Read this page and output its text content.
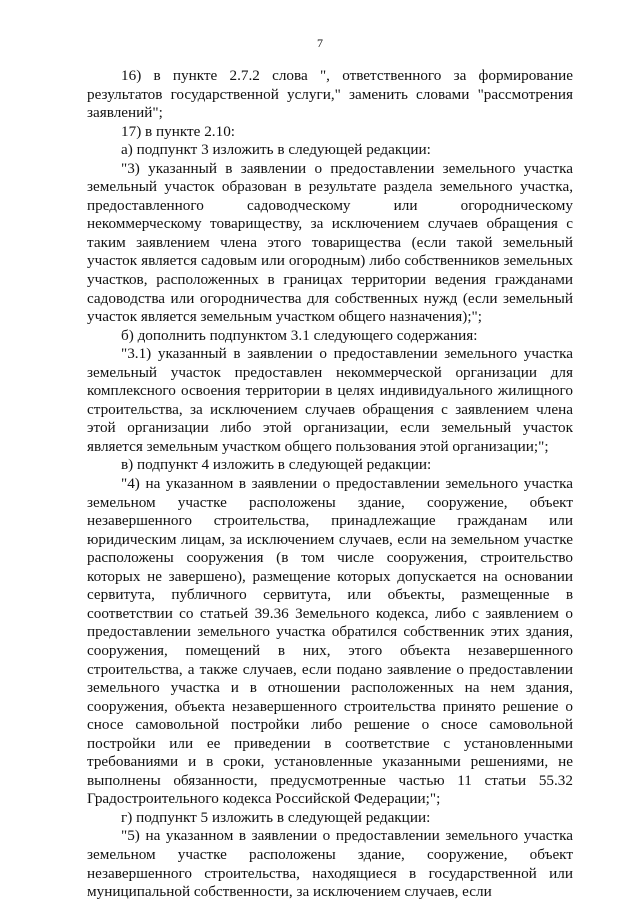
7

16) в пункте 2.7.2 слова ", ответственного за формирование результатов государственной услуги," заменить словами "рассмотрения заявлений";

17) в пункте 2.10:

а) подпункт 3 изложить в следующей редакции:

"3) указанный в заявлении о предоставлении земельного участка земельный участок образован в результате раздела земельного участка, предоставленного садоводческому или огородническому некоммерческому товариществу, за исключением случаев обращения с таким заявлением члена этого товарищества (если такой земельный участок является садовым или огородным) либо собственников земельных участков, расположенных в границах территории ведения гражданами садоводства или огородничества для собственных нужд (если земельный участок является земельным участком общего назначения);";

б) дополнить подпунктом 3.1 следующего содержания:

"3.1) указанный в заявлении о предоставлении земельного участка земельный участок предоставлен некоммерческой организации для комплексного освоения территории в целях индивидуального жилищного строительства, за исключением случаев обращения с заявлением члена этой организации либо этой организации, если земельный участок является земельным участком общего пользования этой организации;";

в) подпункт 4 изложить в следующей редакции:

"4) на указанном в заявлении о предоставлении земельного участка земельном участке расположены здание, сооружение, объект незавершенного строительства, принадлежащие гражданам или юридическим лицам, за исключением случаев, если на земельном участке расположены сооружения (в том числе сооружения, строительство которых не завершено), размещение которых допускается на основании сервитута, публичного сервитута, или объекты, размещенные в соответствии со статьей 39.36 Земельного кодекса, либо с заявлением о предоставлении земельного участка обратился собственник этих здания, сооружения, помещений в них, этого объекта незавершенного строительства, а также случаев, если подано заявление о предоставлении земельного участка и в отношении расположенных на нем здания, сооружения, объекта незавершенного строительства принято решение о сносе самовольной постройки либо решение о сносе самовольной постройки или ее приведении в соответствие с установленными требованиями и в сроки, установленные указанными решениями, не выполнены обязанности, предусмотренные частью 11 статьи 55.32 Градостроительного кодекса Российской Федерации;";

г) подпункт 5 изложить в следующей редакции:

"5) на указанном в заявлении о предоставлении земельного участка земельном участке расположены здание, сооружение, объект незавершенного строительства, находящиеся в государственной или муниципальной собственности, за исключением случаев, если
